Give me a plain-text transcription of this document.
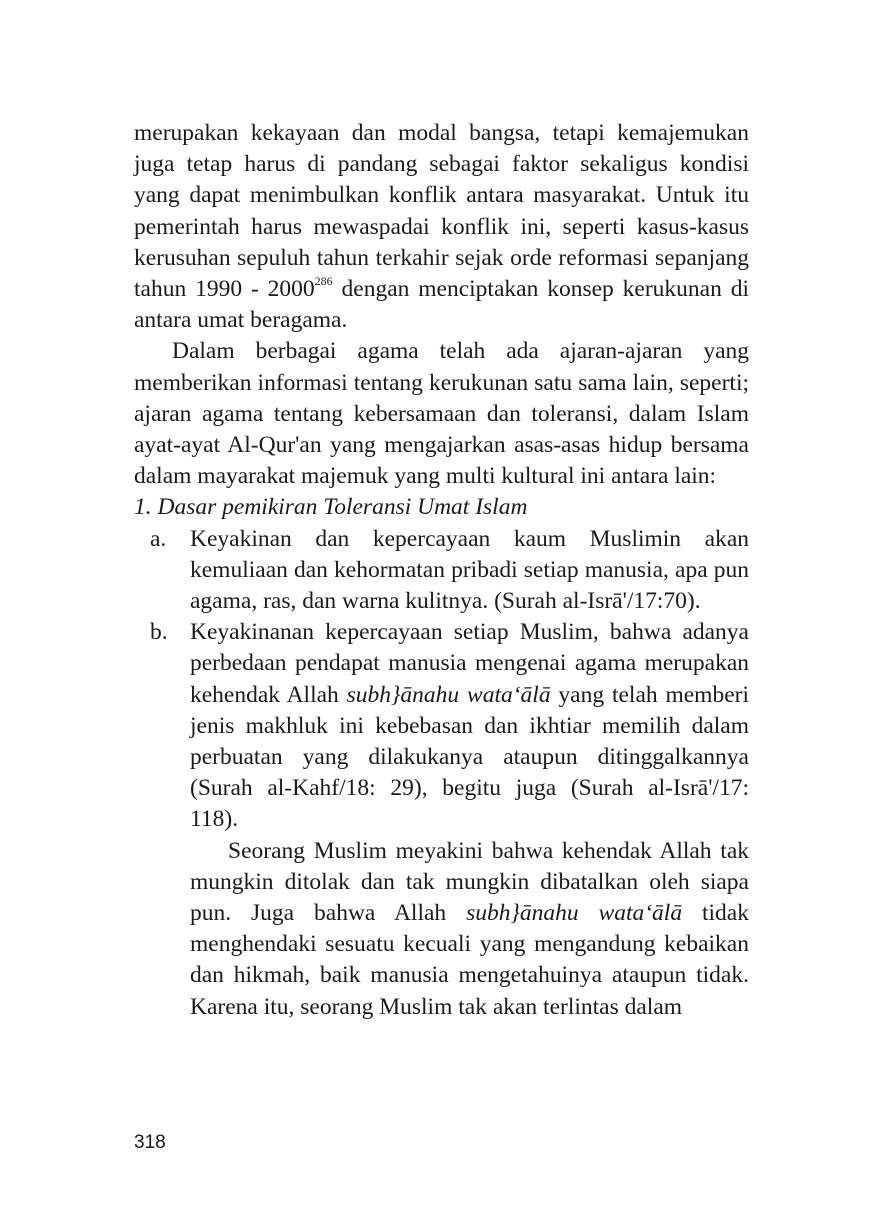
merupakan kekayaan dan modal bangsa, tetapi kemajemukan juga tetap harus di pandang sebagai faktor sekaligus kondisi yang dapat menimbulkan konflik antara masyarakat. Untuk itu pemerintah harus mewaspadai konflik ini, seperti kasus-kasus kerusuhan sepuluh tahun terkahir sejak orde reformasi sepanjang tahun 1990 - 2000$^{286}$ dengan menciptakan konsep kerukunan di antara umat beragama.

Dalam berbagai agama telah ada ajaran-ajaran yang memberikan informasi tentang kerukunan satu sama lain, seperti; ajaran agama tentang kebersamaan dan toleransi, dalam Islam ayat-ayat Al-Qur'an yang mengajarkan asas-asas hidup bersama dalam mayarakat majemuk yang multi kultural ini antara lain:

1. Dasar pemikiran Toleransi Umat Islam

a. Keyakinan dan kepercayaan kaum Muslimin akan kemuliaan dan kehormatan pribadi setiap manusia, apa pun agama, ras, dan warna kulitnya. (Surah al-Isrā'/17:70).
b. Keyakinanan kepercayaan setiap Muslim, bahwa adanya perbedaan pendapat manusia mengenai agama merupakan kehendak Allah subh}ānahu wata‘ālā yang telah memberi jenis makhluk ini kebebasan dan ikhtiar memilih dalam perbuatan yang dilakukanya ataupun ditinggalkannya (Surah al-Kahf/18: 29), begitu juga (Surah al-Isrā'/17: 118).

Seorang Muslim meyakini bahwa kehendak Allah tak mungkin ditolak dan tak mungkin dibatalkan oleh siapa pun. Juga bahwa Allah subh}ānahu wata‘ālā tidak menghendaki sesuatu kecuali yang mengandung kebaikan dan hikmah, baik manusia mengetahuinya ataupun tidak. Karena itu, seorang Muslim tak akan terlintas dalam

318
